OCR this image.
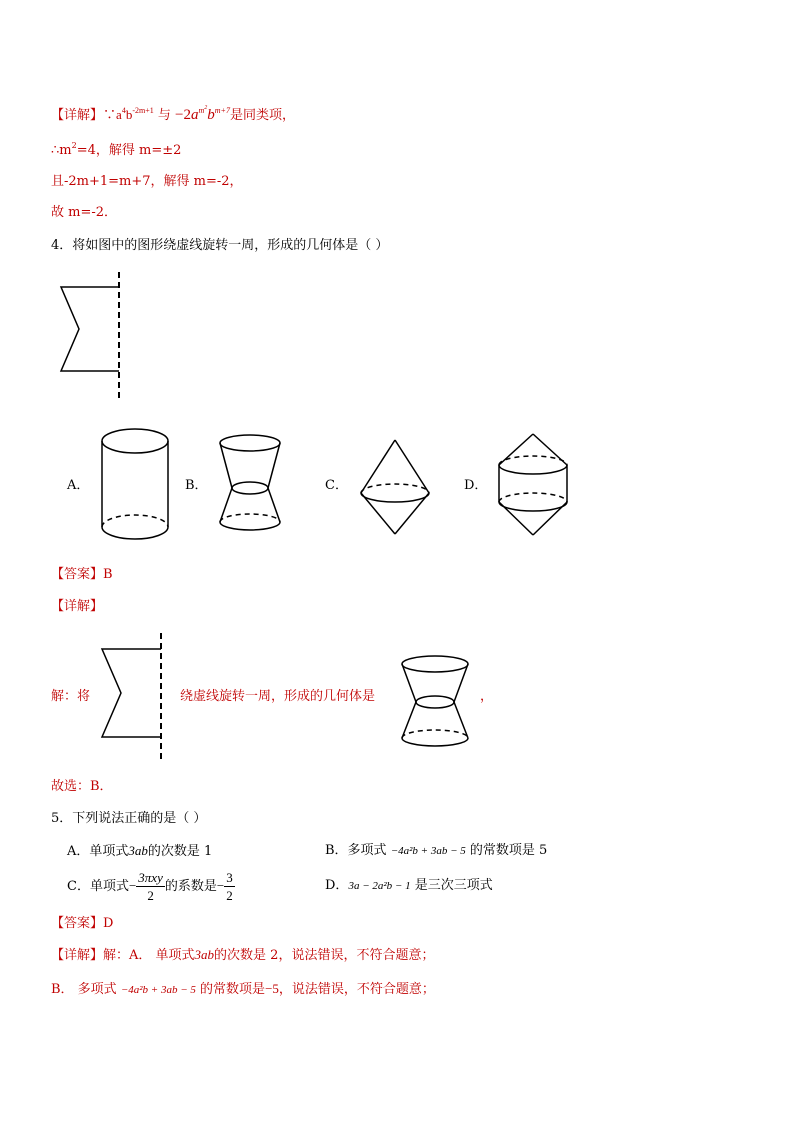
【详解】$\because a^4b^{-2m+1}$ 与 $-2a^{m^2}b^{m+7}$是同类项，
$\therefore m^2=4$，解得 m=±2
且-2m+1=m+7，解得 m=-2，
故 m=-2．
4．将如图中的图形绕虚线旋转一周，形成的几何体是（ ）
A．	B．	C．	D．
【答案】B
【详解】
解：将	绕虚线旋转一周，形成的几何体是	，
故选：B．
5．下列说法正确的是（ ）
A．单项式3ab的次数是 1	B．多项式 −4a²b + 3ab − 5 的常数项是 5
C．单项式− $\frac{\text{3πxy}}{2}$ 的系数是− $\frac{3}{2}$	D．3a − 2a²b − 1 是三次三项式
【答案】D
【详解】解：A． 单项式3ab的次数是 2，说法错误，不符合题意；
B． 多项式 −4a²b + 3ab − 5 的常数项是−5，说法错误，不符合题意；
